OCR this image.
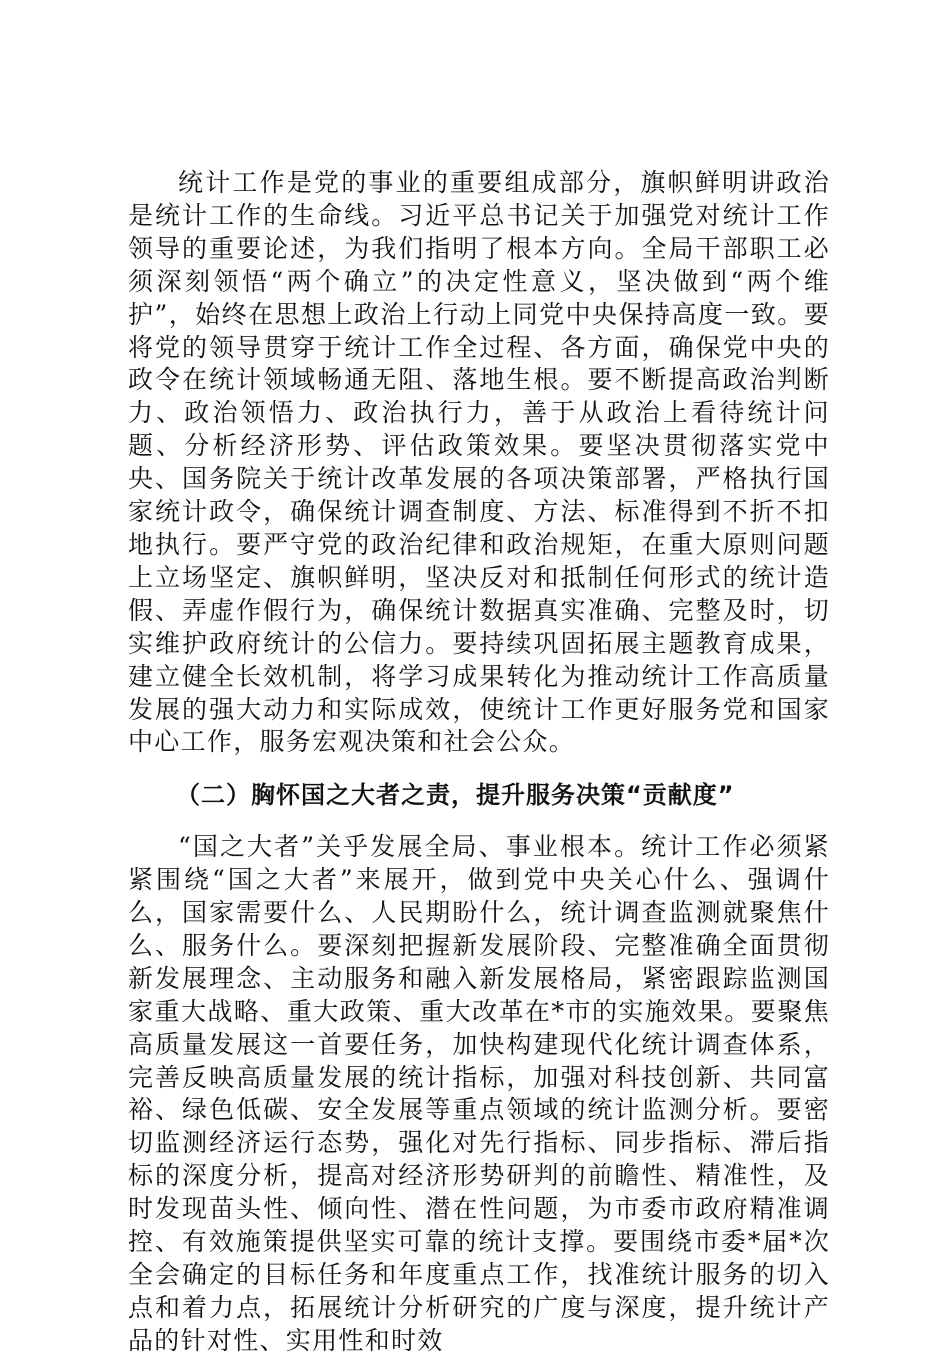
统计工作是党的事业的重要组成部分，旗帜鲜明讲政治是统计工作的生命线。习近平总书记关于加强党对统计工作领导的重要论述，为我们指明了根本方向。全局干部职工必须深刻领悟“两个确立”的决定性意义，坚决做到“两个维护”，始终在思想上政治上行动上同党中央保持高度一致。要将党的领导贯穿于统计工作全过程、各方面，确保党中央的政令在统计领域畅通无阻、落地生根。要不断提高政治判断力、政治领悟力、政治执行力，善于从政治上看待统计问题、分析经济形势、评估政策效果。要坚决贯彻落实党中央、国务院关于统计改革发展的各项决策部署，严格执行国家统计政令，确保统计调查制度、方法、标准得到不折不扣地执行。要严守党的政治纪律和政治规矩，在重大原则问题上立场坚定、旗帜鲜明，坚决反对和抵制任何形式的统计造假、弄虚作假行为，确保统计数据真实准确、完整及时，切实维护政府统计的公信力。要持续巩固拓展主题教育成果，建立健全长效机制，将学习成果转化为推动统计工作高质量发展的强大动力和实际成效，使统计工作更好服务党和国家中心工作，服务宏观决策和社会公众。

（二）胸怀国之大者之责，提升服务决策“贡献度”

“国之大者”关乎发展全局、事业根本。统计工作必须紧紧围绕“国之大者”来展开，做到党中央关心什么、强调什么，国家需要什么、人民期盼什么，统计调查监测就聚焦什么、服务什么。要深刻把握新发展阶段、完整准确全面贯彻新发展理念、主动服务和融入新发展格局，紧密跟踪监测国家重大战略、重大政策、重大改革在*市的实施效果。要聚焦高质量发展这一首要任务，加快构建现代化统计调查体系，完善反映高质量发展的统计指标，加强对科技创新、共同富裕、绿色低碳、安全发展等重点领域的统计监测分析。要密切监测经济运行态势，强化对先行指标、同步指标、滞后指标的深度分析，提高对经济形势研判的前瞻性、精准性，及时发现苗头性、倾向性、潜在性问题，为市委市政府精准调控、有效施策提供坚实可靠的统计支撑。要围绕市委*届*次全会确定的目标任务和年度重点工作，找准统计服务的切入点和着力点，拓展统计分析研究的广度与深度，提升统计产品的针对性、实用性和时效
